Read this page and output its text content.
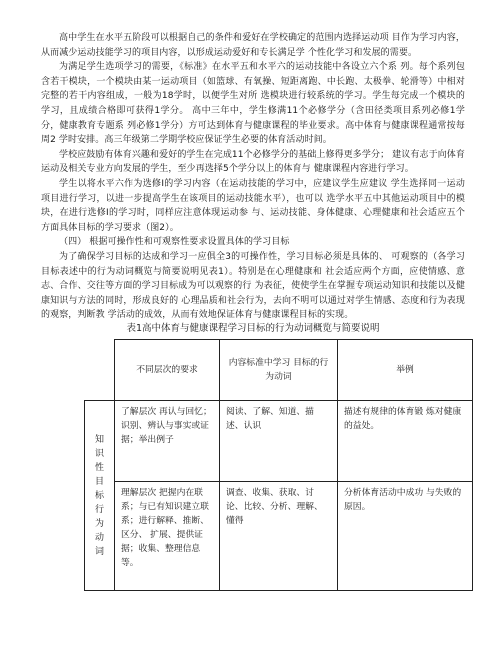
高中学生在水平五阶段可以根据自己的条件和爱好在学校确定的范围内选择运动项 目作为学习内容，从而减少运动技能学习的项目内容，以形成运动爱好和专长满足学 个性化学习和发展的需要。

为满足学生选项学习的需要，《标准》在水平五和水平六的运动技能中各设立六个系 列。每个系列包含若干模块，一个模块由某一运动项目（如篮球、有氧操、短距离跑、中长跑、太极拳、轮滑等）中相对完整的若干内容组成，一般为18学时，以便学生对所 选模块进行较系统的学习。学生每完成一个模块的学习，且成绩合格即可获得1学分。 高中三年中，学生修满11个必修学分（含田径类项目系列必修1学分，健康教育专题系 列必修1学分）方可达到体育与健康课程的毕业要求。高中体育与健康课程通常按每周2 学时安排。高三年级第二学期学校应保证学生必要的体育活动时间。

学校应鼓励有体育兴趣和爱好的学生在完成11个必修学分的基础上修得更多学分； 建议有志于向体育运动及相关专业方向发展的学生，至少再选择5个学分以上的体育与 健康课程内容进行学习。

学生以将水平六作为选修I的学习内容（在运动技能的学习中，应建议学生应建议 学生选择同一运动项目进行学习，以进一步提高学生在该项目的运动技能水平），也可以 选学水平五中其他运动项目中的模块，在进行选修I的学习时，同样应注意体现运动参 与、运动技能、身体健康、心理健康和社会适应五个方面具体目标的学习要求（图2）。

（四） 根据可操作性和可观察性要求设置具体的学习目标

为了确保学习目标的达成和学习一应俱全3的可操作性，学习目标必须是具体的、 可观察的（各学习目标表述中的行为动词概览与简要说明见表1）。特别是在心理健康和 社会适应两个方面，应使情感、意志、合作、交往等方面的学习目标成为可以观察的行 为表征，使使学生在掌握专项运动知识和技能以及健康知识与方法的同时，形成良好的 心理品质和社会行为，去向不明可以通过对学生情感、态度和行为表现的观察，判断教 学活动的成效，从而有效地保证体育与健康课程目标的实现。

表1高中体育与健康课程学习目标的行为动词概览与简要说明
	不同层次的要求	内容标准中学习 目标的行为动词	举例
知识性目标行为动词	了解层次 再认与回忆；识别、辨认与事实或证据；举出例子	阅读、了解、知道、描述、认识	描述有规律的体育锻 炼对健康的益处。
	理解层次 把握内在联系；与已有知识建立联系；进行解释、推断、区分、 扩展、提供证据；收集、整理信息等。	调查、收集、获取、讨论、比较、分析、理解、 懂得	分析体育活动中成功 与失败的原因。
